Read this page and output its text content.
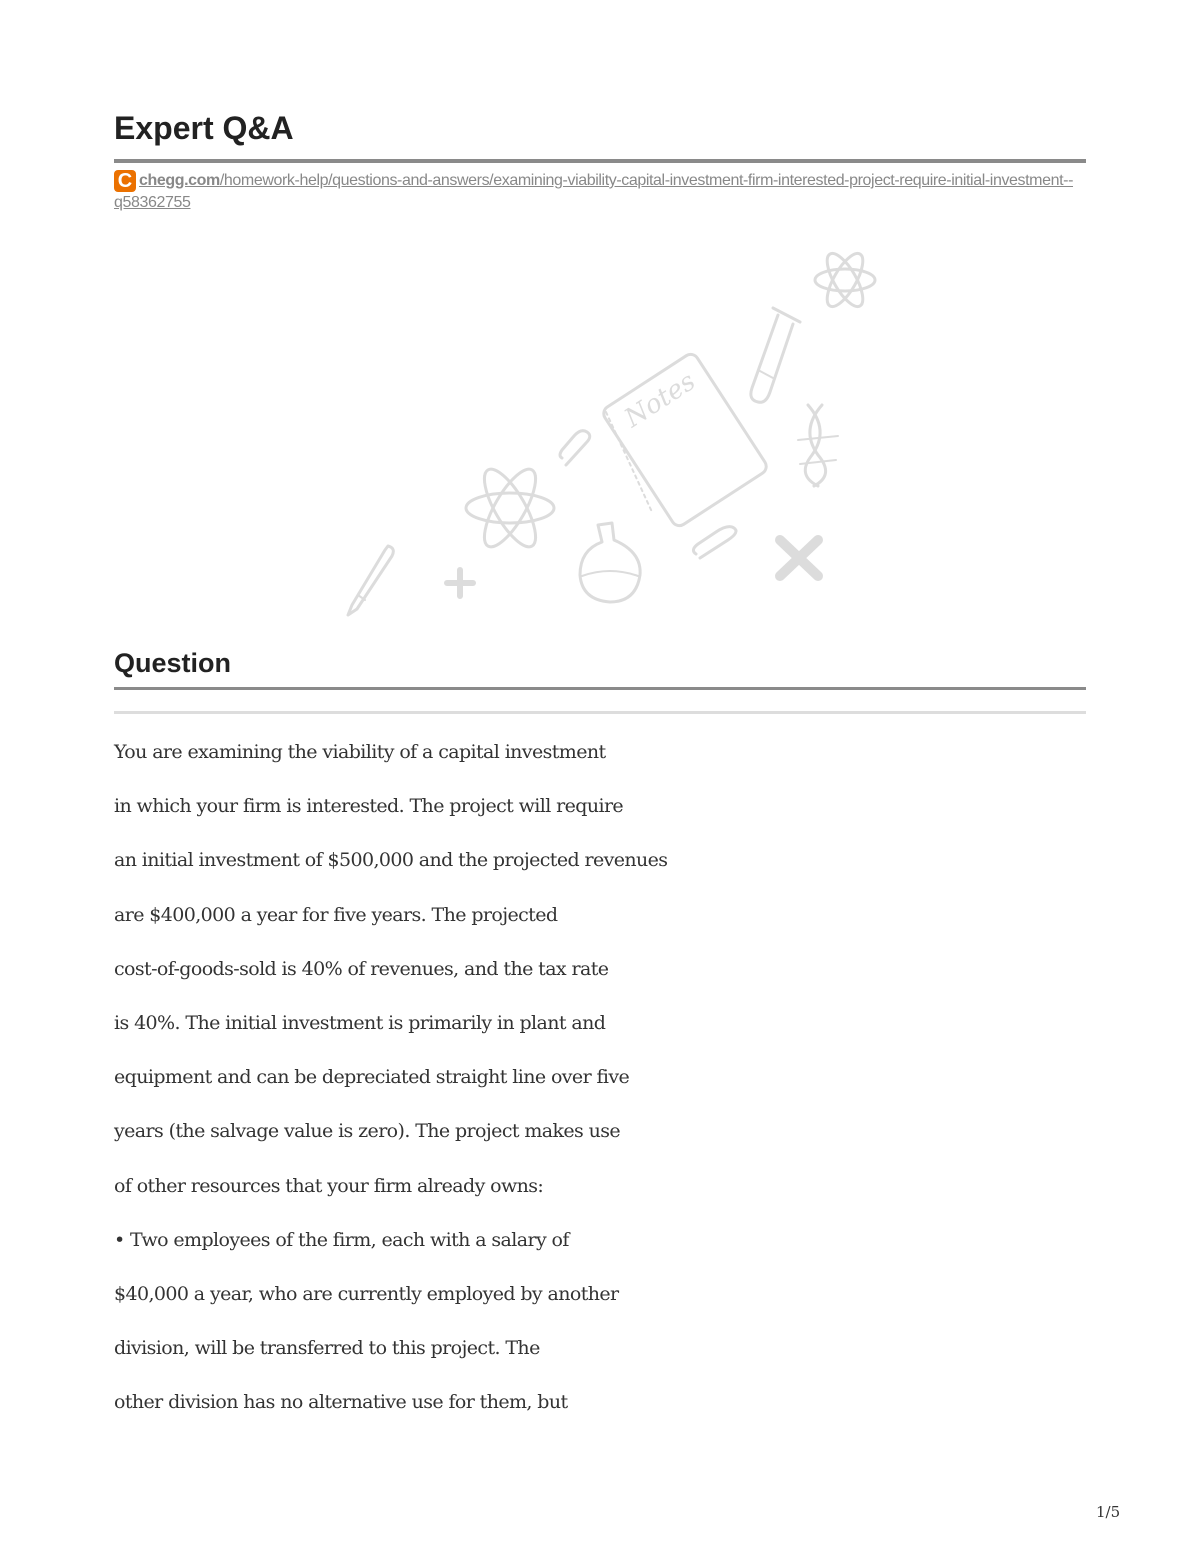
Expert Q&A
C chegg.com/homework-help/questions-and-answers/examining-viability-capital-investment-firm-interested-project-require-initial-investment--q58362755
Notes
Question
You are examining the viability of a capital investment
in which your firm is interested. The project will require
an initial investment of $500,000 and the projected revenues
are $400,000 a year for five years. The projected
cost-of-goods-sold is 40% of revenues, and the tax rate
is 40%. The initial investment is primarily in plant and
equipment and can be depreciated straight line over five
years (the salvage value is zero). The project makes use
of other resources that your firm already owns:
• Two employees of the firm, each with a salary of
$40,000 a year, who are currently employed by another
division, will be transferred to this project. The
other division has no alternative use for them, but
1/5
